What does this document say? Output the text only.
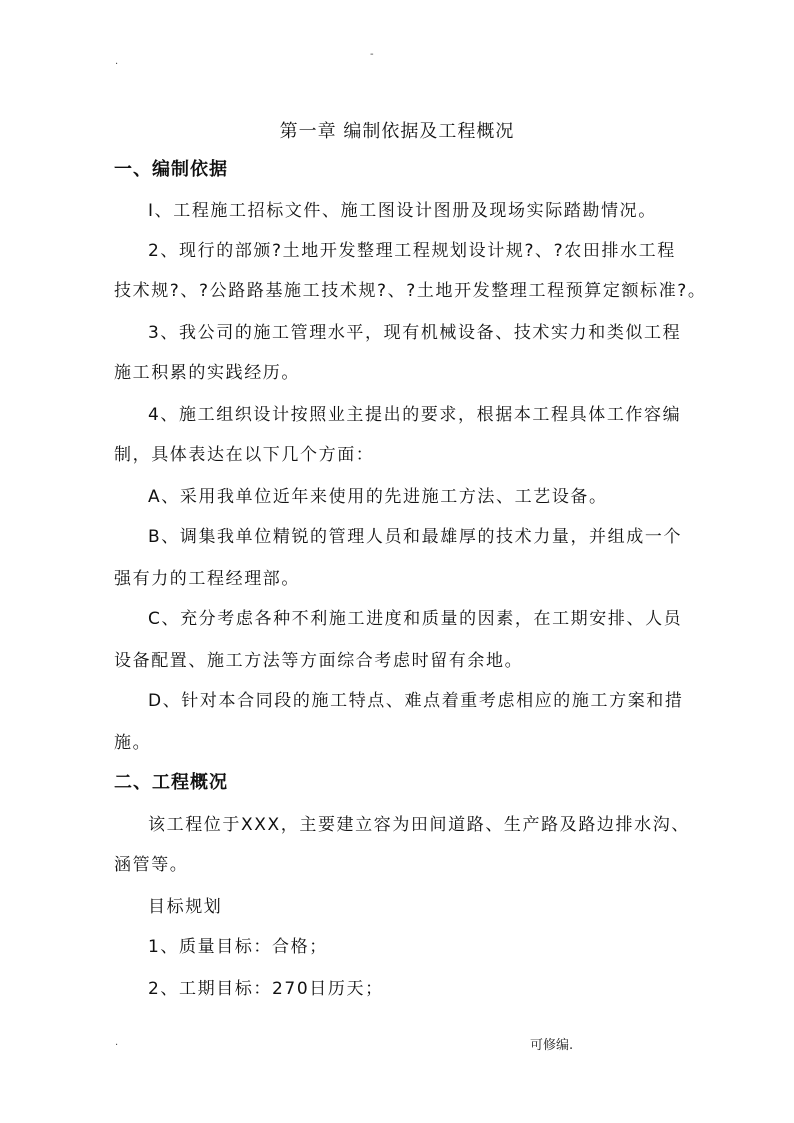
.
-
.
第一章 编制依据及工程概况
一、编制依据
I、工程施工招标文件、施工图设计图册及现场实际踏勘情况。
2、现行的部颁?土地开发整理工程规划设计规?、?农田排水工程
技术规?、?公路路基施工技术规?、?土地开发整理工程预算定额标准?。
3、我公司的施工管理水平，现有机械设备、技术实力和类似工程
施工积累的实践经历。
4、施工组织设计按照业主提出的要求，根据本工程具体工作容编
制，具体表达在以下几个方面：
A、采用我单位近年来使用的先进施工方法、工艺设备。
B、调集我单位精锐的管理人员和最雄厚的技术力量，并组成一个
强有力的工程经理部。
C、充分考虑各种不利施工进度和质量的因素，在工期安排、人员
设备配置、施工方法等方面综合考虑时留有余地。
D、针对本合同段的施工特点、难点着重考虑相应的施工方案和措
施。
二、工程概况
该工程位于XXX，主要建立容为田间道路、生产路及路边排水沟、
涵管等。
目标规划
1、质量目标：合格；
2、工期目标：270日历天；
可修编.
